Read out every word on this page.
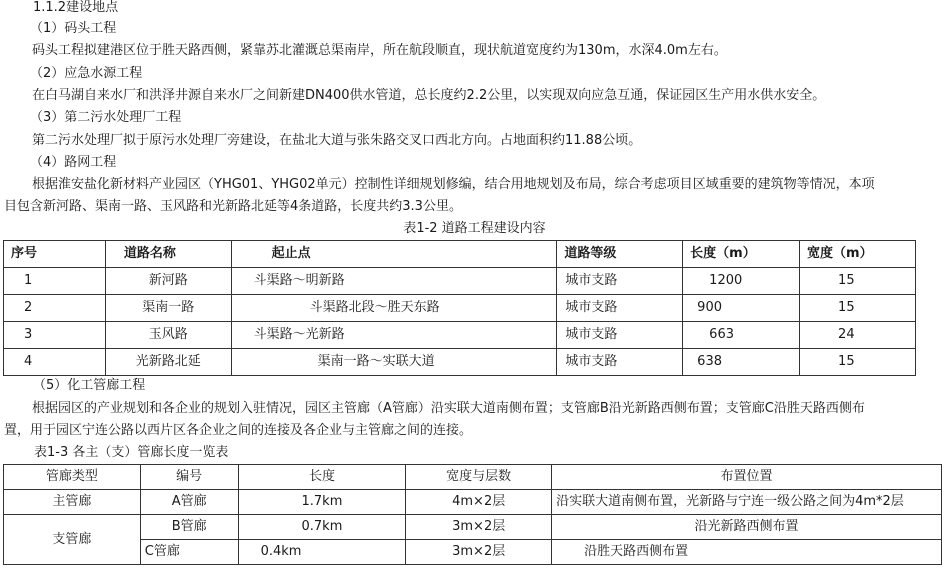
1.1.2建设地点
（1）码头工程
码头工程拟建港区位于胜天路西侧，紧靠苏北灌溉总渠南岸，所在航段顺直，现状航道宽度约为130m，水深4.0m左右。
（2）应急水源工程
在白马湖自来水厂和洪泽井源自来水厂之间新建DN400供水管道，总长度约2.2公里，以实现双向应急互通，保证园区生产用水供水安全。
（3）第二污水处理厂工程
第二污水处理厂拟于原污水处理厂旁建设，在盐北大道与张朱路交叉口西北方向。占地面积约11.88公顷。
（4）路网工程
根据淮安盐化新材料产业园区（YHG01、YHG02单元）控制性详细规划修编，结合用地规划及布局，综合考虑项目区域重要的建筑物等情况，本项
目包含新河路、渠南一路、玉风路和光新路北延等4条道路，长度共约3.3公里。
表1-2 道路工程建设内容
序号	道路名称	起止点	道路等级	长度（m）	宽度（m）
1	新河路	斗渠路～明新路	城市支路	1200	15
2	渠南一路	斗渠路北段～胜天东路	城市支路	900	15
3	玉风路	斗渠路～光新路	城市支路	663	24
4	光新路北延	渠南一路～实联大道	城市支路	638	15
（5）化工管廊工程
根据园区的产业规划和各企业的规划入驻情况，园区主管廊（A管廊）沿实联大道南侧布置；支管廊B沿光新路西侧布置；支管廊C沿胜天路西侧布
置，用于园区宁连公路以西片区各企业之间的连接及各企业与主管廊之间的连接。
表1-3 各主（支）管廊长度一览表
管廊类型	编号	长度	宽度与层数	布置位置
主管廊	A管廊	1.7km	4m×2层	沿实联大道南侧布置，光新路与宁连一级公路之间为4m*2层
支管廊	B管廊	0.7km	3m×2层	沿光新路西侧布置
	C管廊	0.4km	3m×2层	沿胜天路西侧布置
